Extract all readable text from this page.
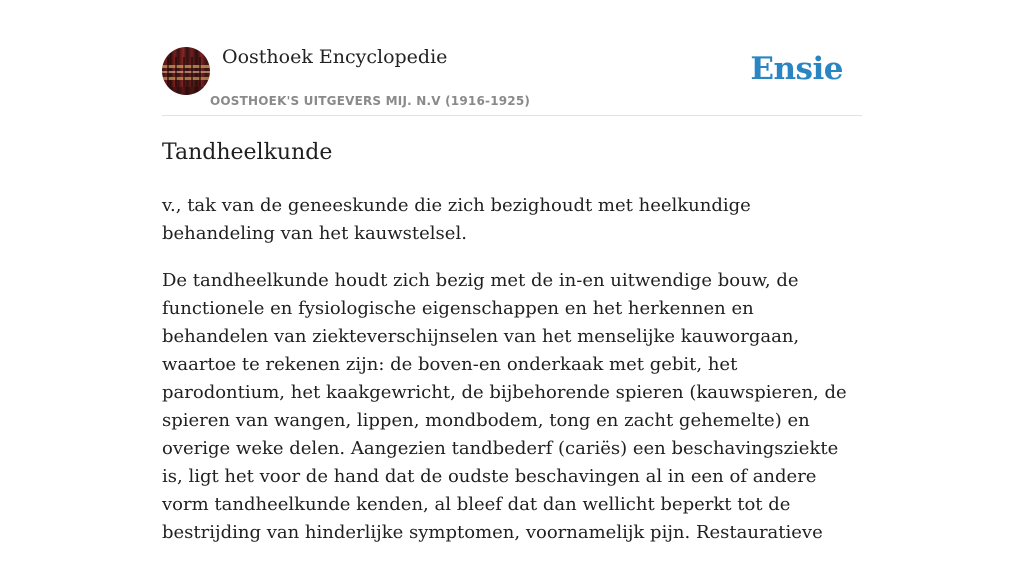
Oosthoek Encyclopedie
OOSTHOEK'S UITGEVERS MIJ. N.V (1916-1925)
Ensie
Tandheelkunde

v., tak van de geneeskunde die zich bezighoudt met heelkundige behandeling van het kauwstelsel.

De tandheelkunde houdt zich bezig met de in-en uitwendige bouw, de functionele en fysiologische eigenschappen en het herkennen en behandelen van ziekteverschijnselen van het menselijke kauworgaan, waartoe te rekenen zijn: de boven-en onderkaak met gebit, het parodontium, het kaakgewricht, de bijbehorende spieren (kauwspieren, de spieren van wangen, lippen, mondbodem, tong en zacht gehemelte) en overige weke delen. Aangezien tandbederf (cariës) een beschavingsziekte is, ligt het voor de hand dat de oudste beschavingen al in een of andere vorm tandheelkunde kenden, al bleef dat dan wellicht beperkt tot de bestrijding van hinderlijke symptomen, voornamelijk pijn. Restauratieve
